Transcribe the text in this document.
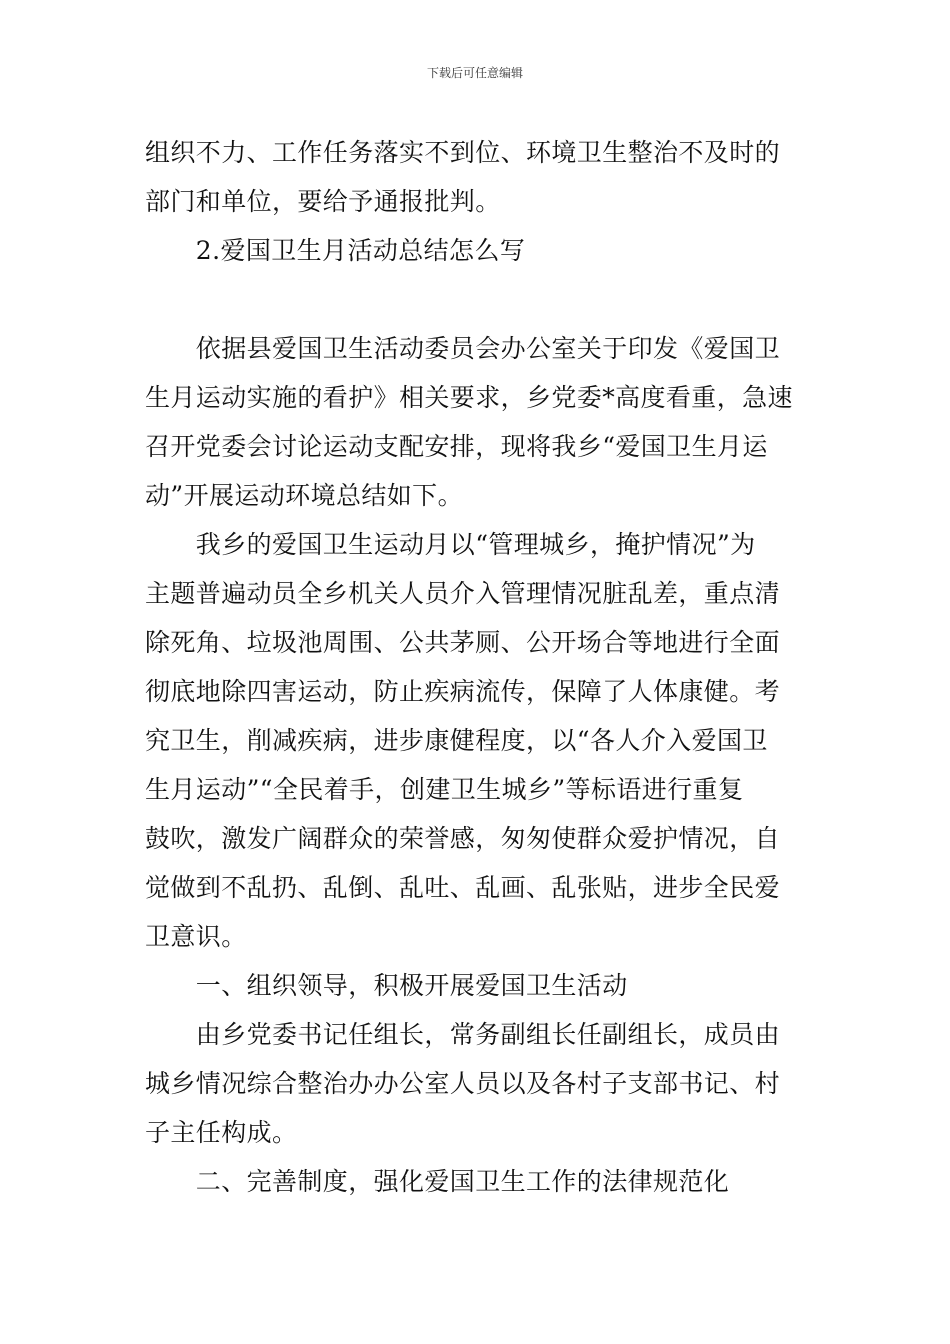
下载后可任意编辑
组织不力、工作任务落实不到位、环境卫生整治不及时的
部门和单位，要给予通报批判。
　　2.爱国卫生月活动总结怎么写
　　依据县爱国卫生活动委员会办公室关于印发《爱国卫
生月运动实施的看护》相关要求，乡党委*高度看重，急速
召开党委会讨论运动支配安排，现将我乡“爱国卫生月运
动”开展运动环境总结如下。
　　我乡的爱国卫生运动月以“管理城乡，掩护情况”为
主题普遍动员全乡机关人员介入管理情况脏乱差，重点清
除死角、垃圾池周围、公共茅厕、公开场合等地进行全面
彻底地除四害运动，防止疾病流传，保障了人体康健。考
究卫生，削减疾病，进步康健程度，以“各人介入爱国卫
生月运动”“全民着手，创建卫生城乡”等标语进行重复
鼓吹，激发广阔群众的荣誉感，匆匆使群众爱护情况，自
觉做到不乱扔、乱倒、乱吐、乱画、乱张贴，进步全民爱
卫意识。
　　一、组织领导，积极开展爱国卫生活动
　　由乡党委书记任组长，常务副组长任副组长，成员由
城乡情况综合整治办办公室人员以及各村子支部书记、村
子主任构成。
　　二、完善制度，强化爱国卫生工作的法律规范化
